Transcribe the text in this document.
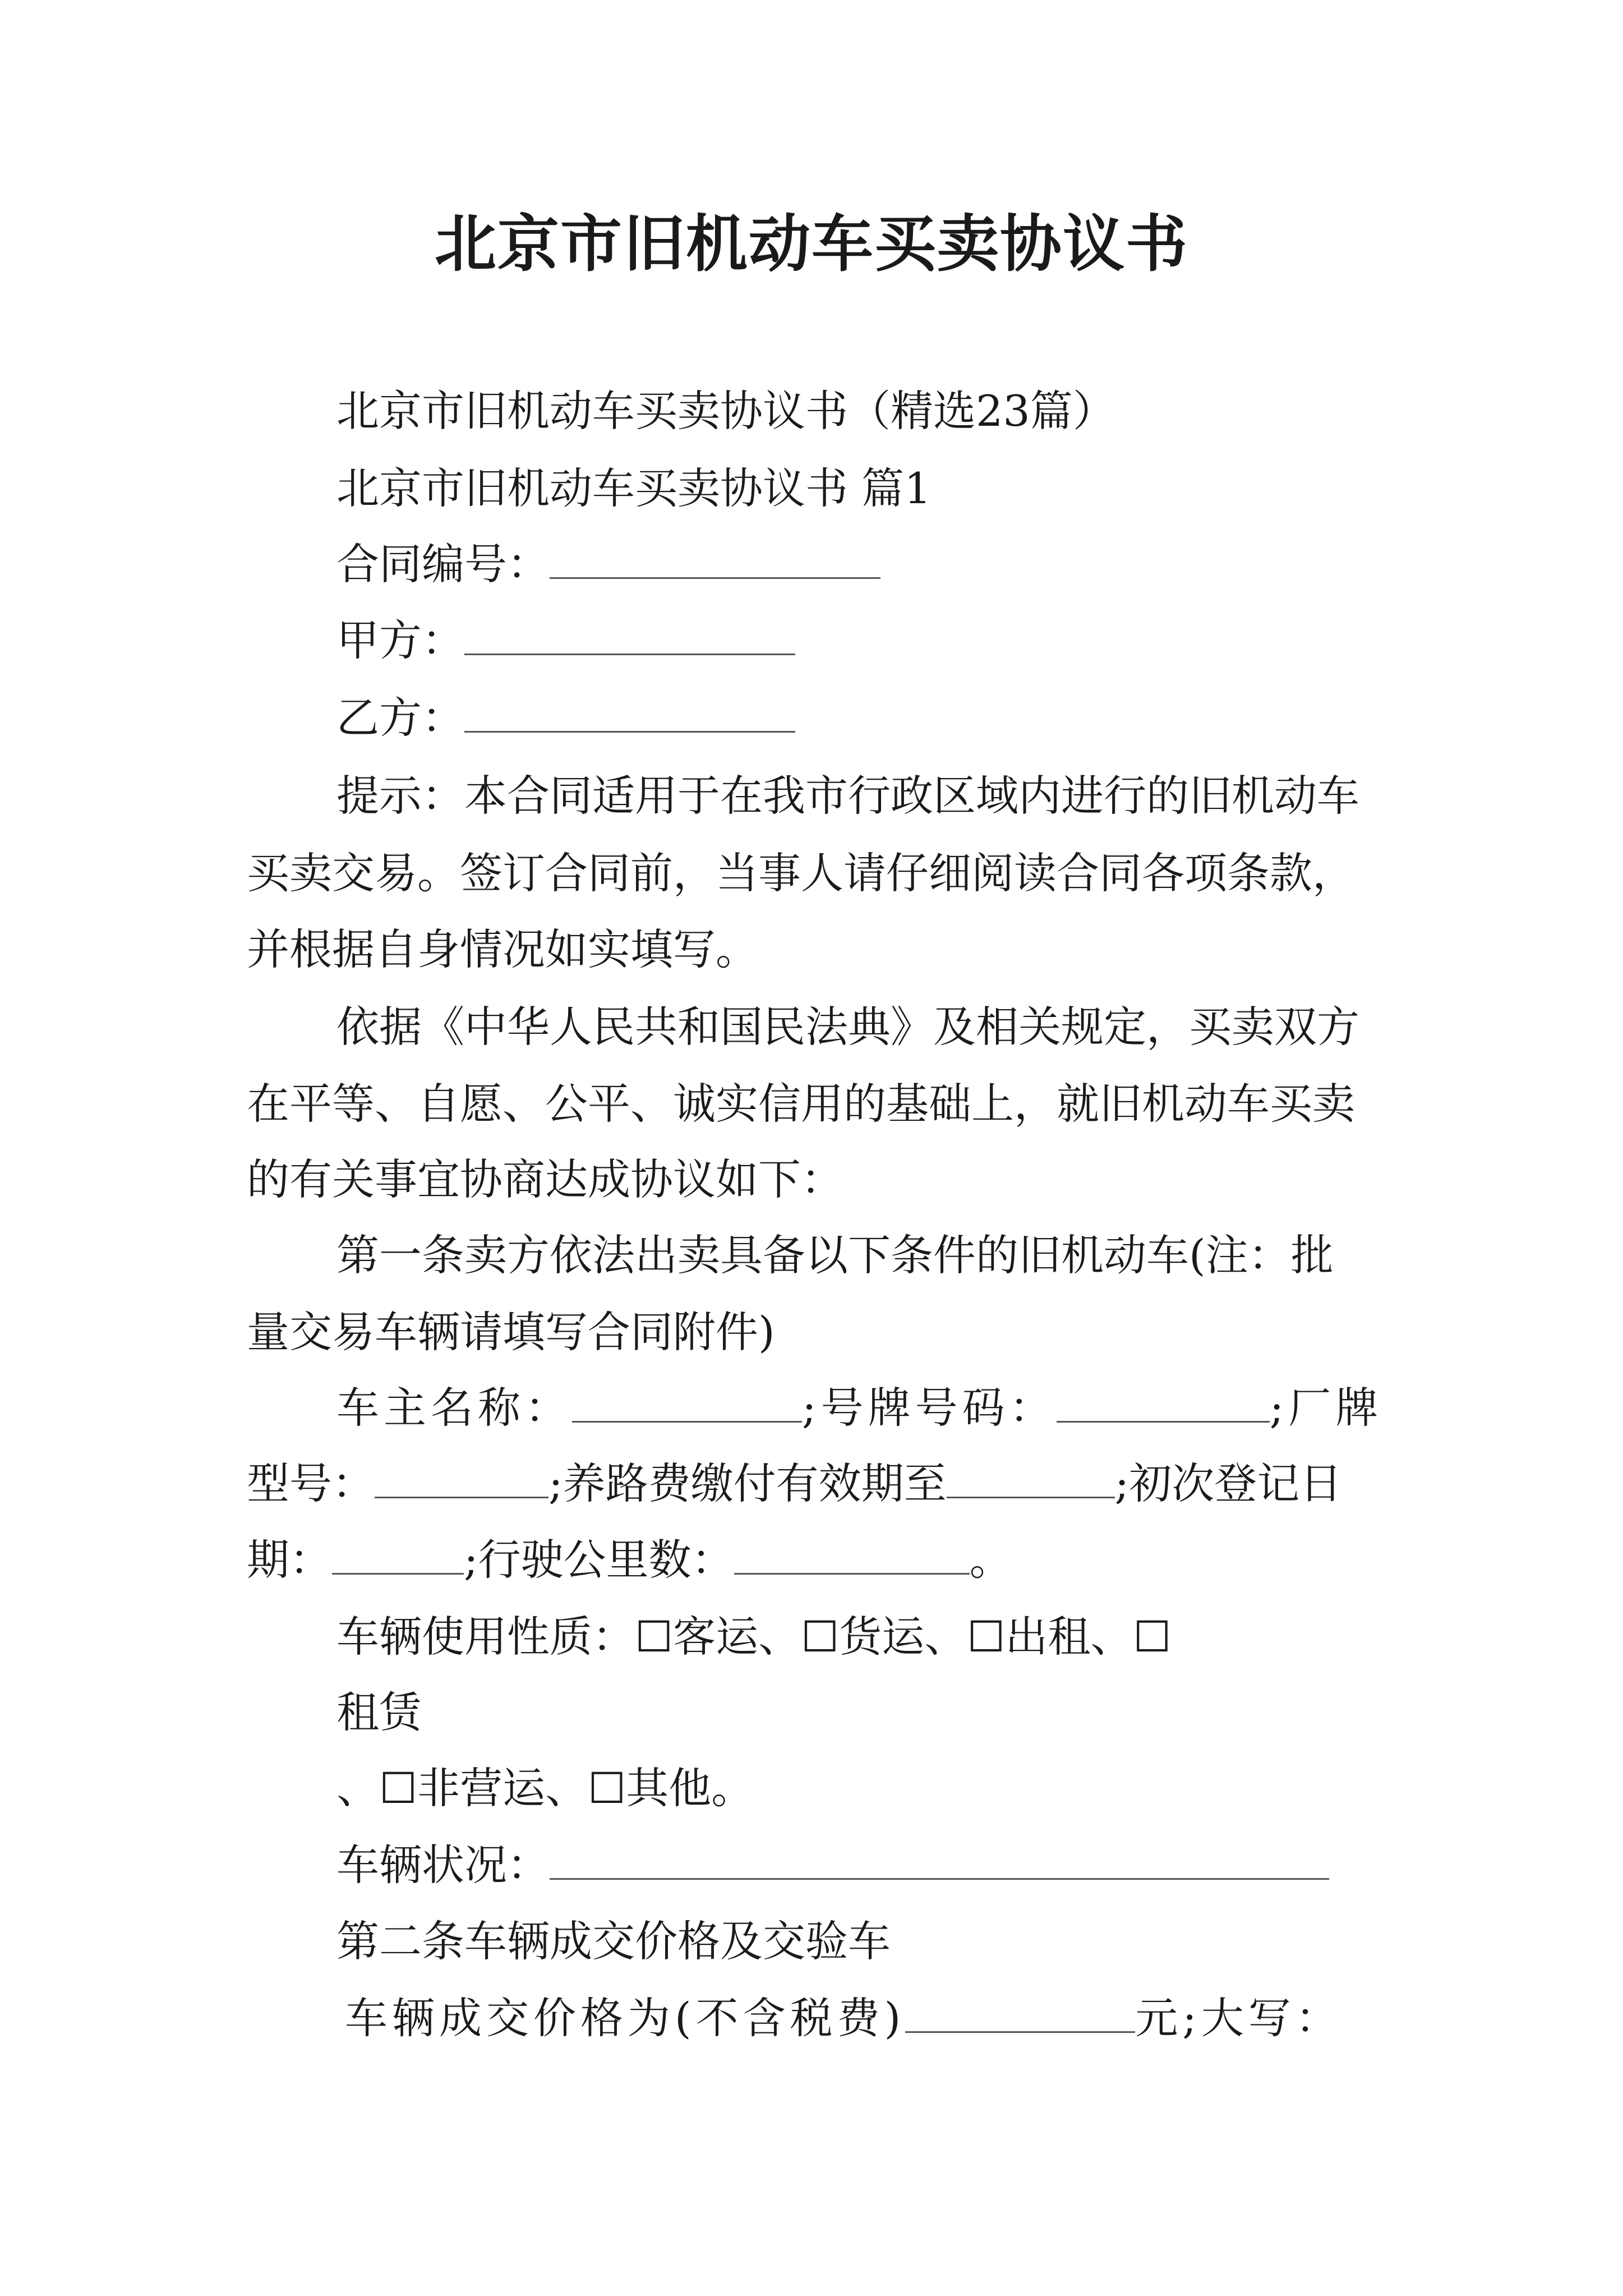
北京市旧机动车买卖协议书
北京市旧机动车买卖协议书（精选23篇）
北京市旧机动车买卖协议书 篇1
合同编号：
甲方：
乙方：
提示：本合同适用于在我市行政区域内进行的旧机动车
买卖交易。签订合同前，当事人请仔细阅读合同各项条款，
并根据自身情况如实填写。
依据《中华人民共和国民法典》及相关规定，买卖双方
在平等、自愿、公平、诚实信用的基础上，就旧机动车买卖
的有关事宜协商达成协议如下：
第一条卖方依法出卖具备以下条件的旧机动车(注：批
量交易车辆请填写合同附件)
车主名称：	;号牌号码：	;厂牌
型号：	;养路费缴付有效期至	;初次登记日
期：	;行驶公里数：	。
车辆使用性质：☐客运、☐货运、☐出租、☐
租赁
、☐非营运、☐其他。
车辆状况：
第二条车辆成交价格及交验车
车辆成交价格为(不含税费)	元;大写：
